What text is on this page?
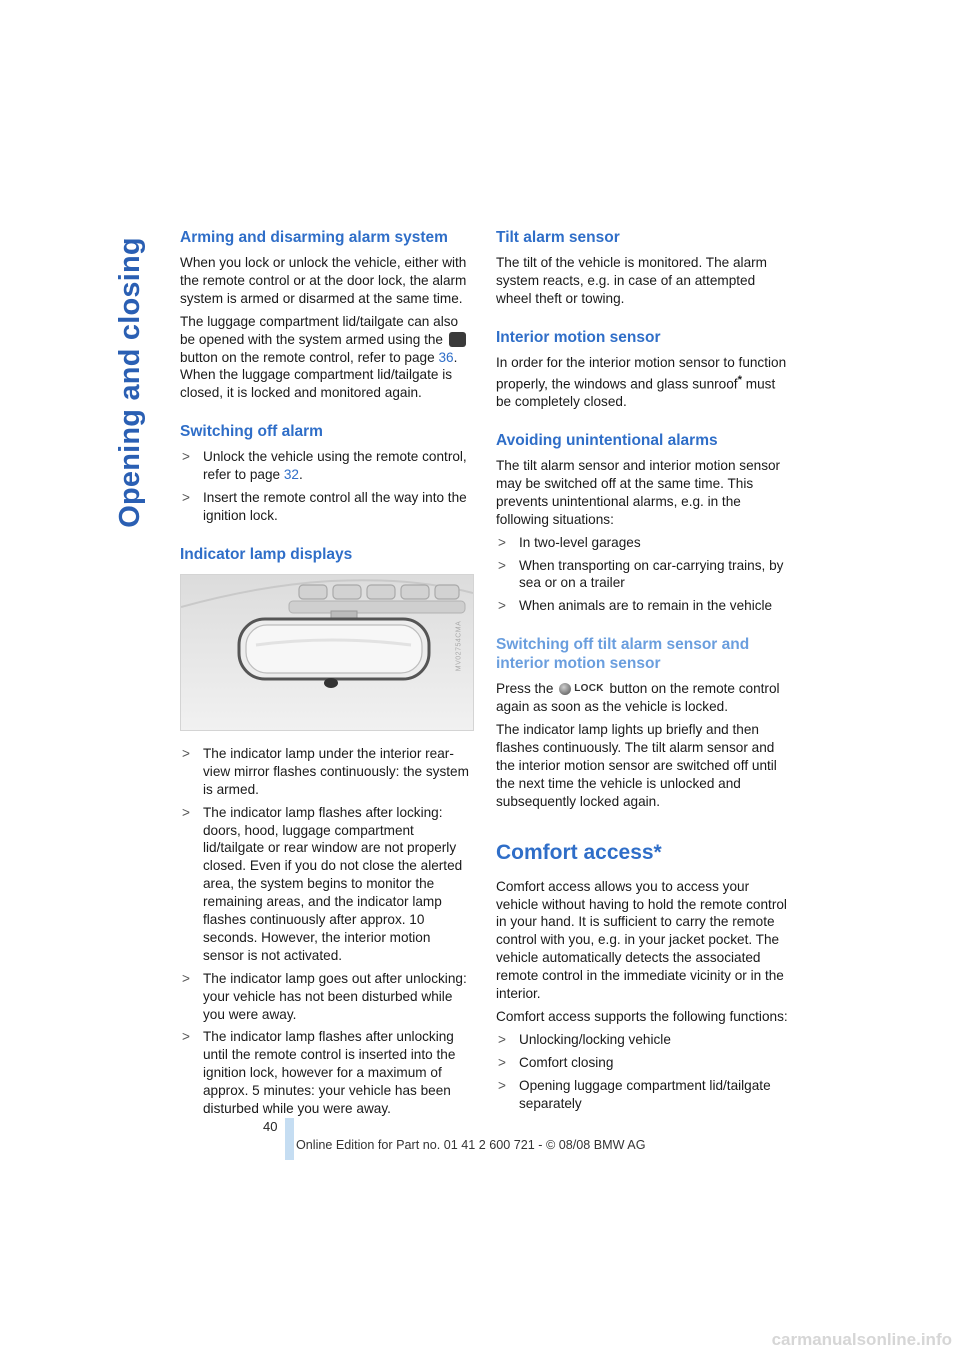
Opening and closing Arming and disarming alarm system

When you lock or unlock the vehicle, either with the remote control or at the door lock, the alarm system is armed or disarmed at the same time.

The luggage compartment lid/tailgate can also be opened with the system armed using the  button on the remote control, refer to page 36. When the luggage compartment lid/tailgate is closed, it is locked and monitored again.

Switching off alarm
> Unlock the vehicle using the remote control, refer to page 32.
> Insert the remote control all the way into the ignition lock.
Indicator lamp displays
MV02754CMA
> The indicator lamp under the interior rear-view mirror flashes continuously: the system is armed.
> The indicator lamp flashes after locking: doors, hood, luggage compartment lid/tailgate or rear window are not properly closed. Even if you do not close the alerted area, the system begins to monitor the remaining areas, and the indicator lamp flashes continuously after approx. 10 seconds. However, the interior motion sensor is not activated.
> The indicator lamp goes out after unlocking: your vehicle has not been disturbed while you were away.
> The indicator lamp flashes after unlocking until the remote control is inserted into the ignition lock, however for a maximum of approx. 5 minutes: your vehicle has been disturbed while you were away.
Tilt alarm sensor

The tilt of the vehicle is monitored. The alarm system reacts, e.g. in case of an attempted wheel theft or towing.

Interior motion sensor

In order for the interior motion sensor to function properly, the windows and glass sunroof* must be completely closed.

Avoiding unintentional alarms

The tilt alarm sensor and interior motion sensor may be switched off at the same time. This prevents unintentional alarms, e.g. in the following situations:

> In two-level garages
> When transporting on car-carrying trains, by sea or on a trailer
> When animals are to remain in the vehicle
Switching off tilt alarm sensor and interior motion sensor

Press the LOCK button on the remote control again as soon as the vehicle is locked.

The indicator lamp lights up briefly and then flashes continuously. The tilt alarm sensor and the interior motion sensor are switched off until the next time the vehicle is unlocked and subsequently locked again.

Comfort access*

Comfort access allows you to access your vehicle without having to hold the remote control in your hand. It is sufficient to carry the remote control with you, e.g. in your jacket pocket. The vehicle automatically detects the associated remote control in the immediate vicinity or in the interior.

Comfort access supports the following functions:

> Unlocking/locking vehicle
> Comfort closing
> Opening luggage compartment lid/tailgate separately
40
Online Edition for Part no. 01 41 2 600 721 - © 08/08 BMW AG
carmanualsonline.info
